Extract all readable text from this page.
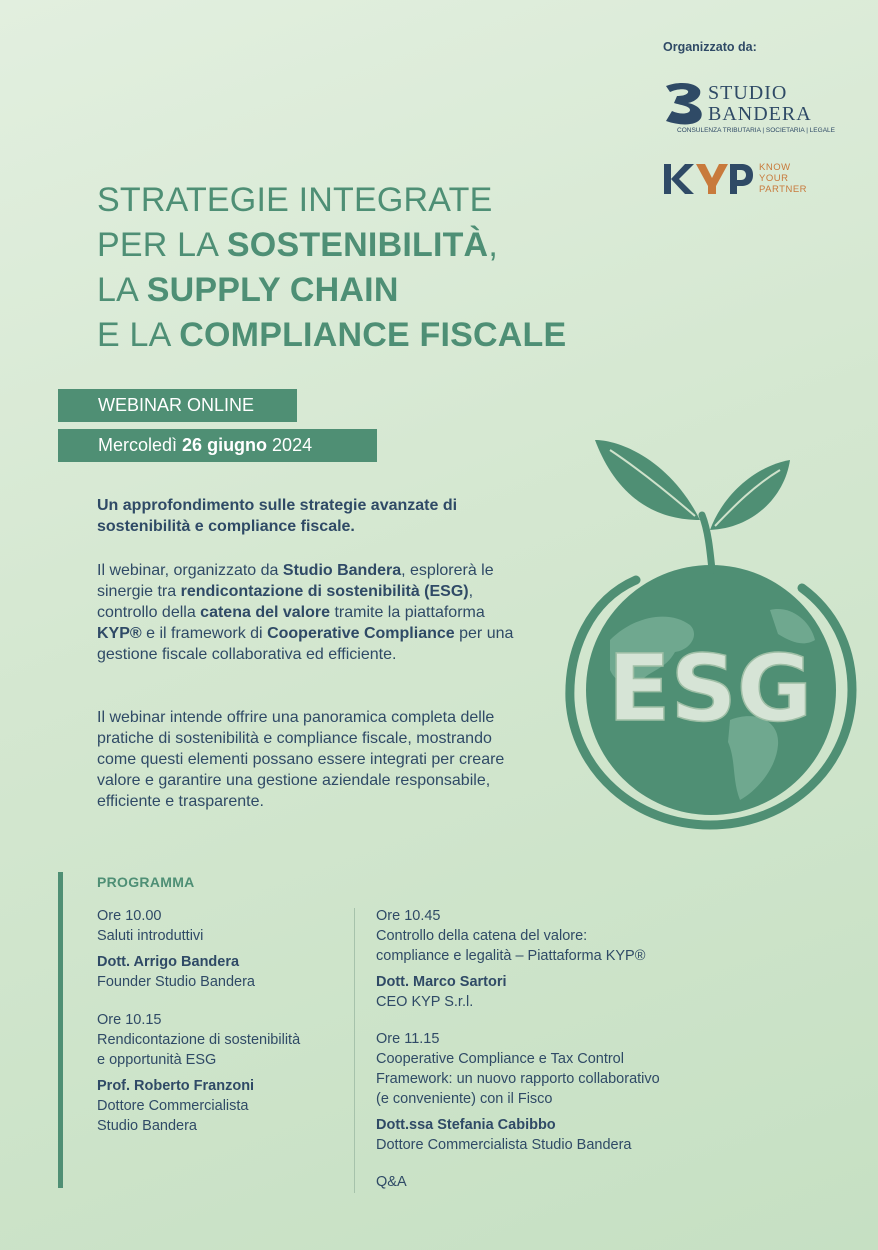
Organizzato da:
STUDIO
BANDERA
CONSULENZA TRIBUTARIA | SOCIETARIA | LEGALE
KNOW
YOUR
PARTNER
STRATEGIE INTEGRATE
PER LA SOSTENIBILITÀ,
LA SUPPLY CHAIN
E LA COMPLIANCE FISCALE
WEBINAR ONLINE
Mercoledì 26 giugno 2024
Un approfondimento sulle strategie avanzate di sostenibilità e compliance fiscale.
Il webinar, organizzato da Studio Bandera, esplorerà le sinergie tra rendicontazione di sostenibilità (ESG), controllo della catena del valore tramite la piattaforma KYP® e il framework di Cooperative Compliance per una gestione fiscale collaborativa ed efficiente.
Il webinar intende offrire una panoramica completa delle pratiche di sostenibilità e compliance fiscale, mostrando come questi elementi possano essere integrati per creare valore e garantire una gestione aziendale responsabile, efficiente e trasparente.
ESG
PROGRAMMA
Ore 10.00
Saluti introduttivi
Dott. Arrigo Bandera
Founder Studio Bandera
Ore 10.15
Rendicontazione di sostenibilità
e opportunità ESG
Prof. Roberto Franzoni
Dottore Commercialista
Studio Bandera
Ore 10.45
Controllo della catena del valore:
compliance e legalità – Piattaforma KYP®
Dott. Marco Sartori
CEO KYP S.r.l.
Ore 11.15
Cooperative Compliance e Tax Control
Framework: un nuovo rapporto collaborativo
(e conveniente) con il Fisco
Dott.ssa Stefania Cabibbo
Dottore Commercialista Studio Bandera
Q&A
